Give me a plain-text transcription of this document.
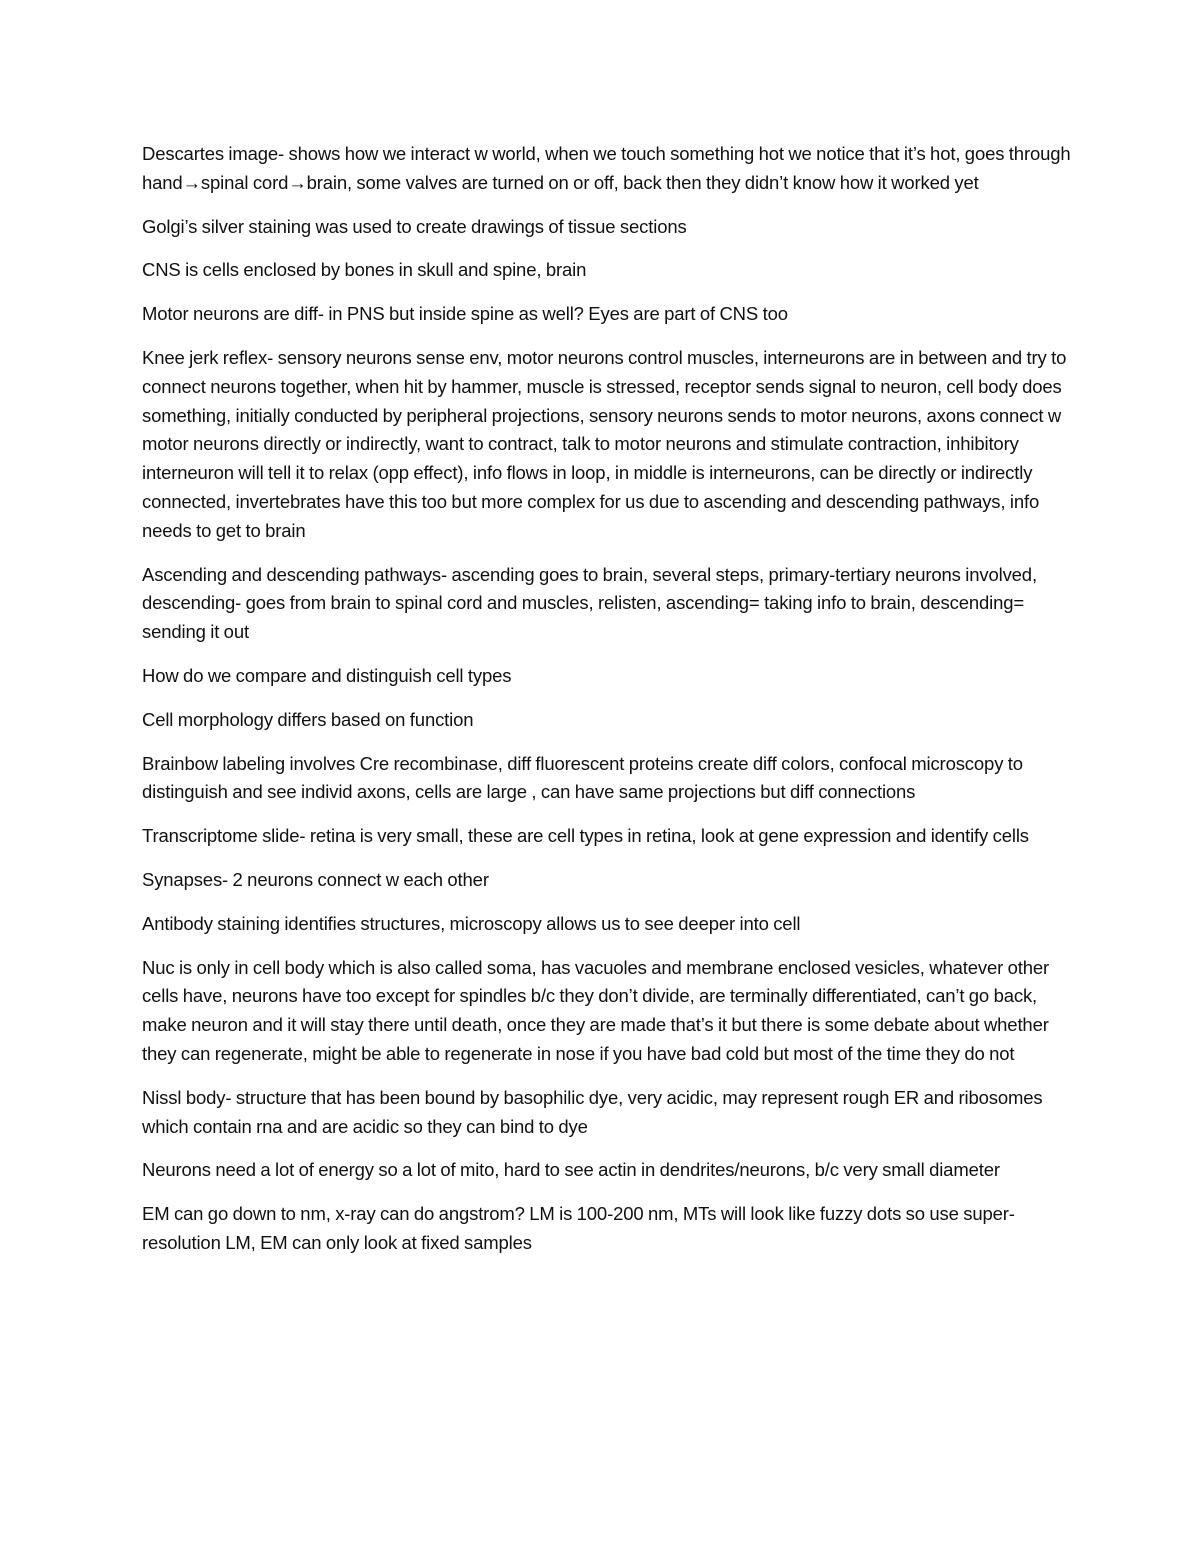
Descartes image- shows how we interact w world, when we touch something hot we notice that it’s hot, goes through hand→spinal cord→brain, some valves are turned on or off, back then they didn’t know how it worked yet

Golgi’s silver staining was used to create drawings of tissue sections

CNS is cells enclosed by bones in skull and spine, brain

Motor neurons are diff- in PNS but inside spine as well? Eyes are part of CNS too

Knee jerk reflex- sensory neurons sense env, motor neurons control muscles, interneurons are in between and try to connect neurons together, when hit by hammer, muscle is stressed, receptor sends signal to neuron, cell body does something, initially conducted by peripheral projections, sensory neurons sends to motor neurons, axons connect w motor neurons directly or indirectly, want to contract, talk to motor neurons and stimulate contraction, inhibitory interneuron will tell it to relax (opp effect), info flows in loop, in middle is interneurons, can be directly or indirectly connected, invertebrates have this too but more complex for us due to ascending and descending pathways, info needs to get to brain

Ascending and descending pathways- ascending goes to brain, several steps, primary-tertiary neurons involved, descending- goes from brain to spinal cord and muscles, relisten, ascending= taking info to brain, descending= sending it out

How do we compare and distinguish cell types

Cell morphology differs based on function

Brainbow labeling involves Cre recombinase, diff fluorescent proteins create diff colors, confocal microscopy to distinguish and see individ axons, cells are large , can have same projections but diff connections

Transcriptome slide- retina is very small, these are cell types in retina, look at gene expression and identify cells

Synapses- 2 neurons connect w each other

Antibody staining identifies structures, microscopy allows us to see deeper into cell

Nuc is only in cell body which is also called soma, has vacuoles and membrane enclosed vesicles, whatever other cells have, neurons have too except for spindles b/c they don’t divide, are terminally differentiated, can’t go back, make neuron and it will stay there until death, once they are made that’s it but there is some debate about whether they can regenerate, might be able to regenerate in nose if you have bad cold but most of the time they do not

Nissl body- structure that has been bound by basophilic dye, very acidic, may represent rough ER and ribosomes which contain rna and are acidic so they can bind to dye

Neurons need a lot of energy so a lot of mito, hard to see actin in dendrites/neurons, b/c very small diameter

EM can go down to nm, x-ray can do angstrom? LM is 100-200 nm, MTs will look like fuzzy dots so use super-resolution LM, EM can only look at fixed samples
